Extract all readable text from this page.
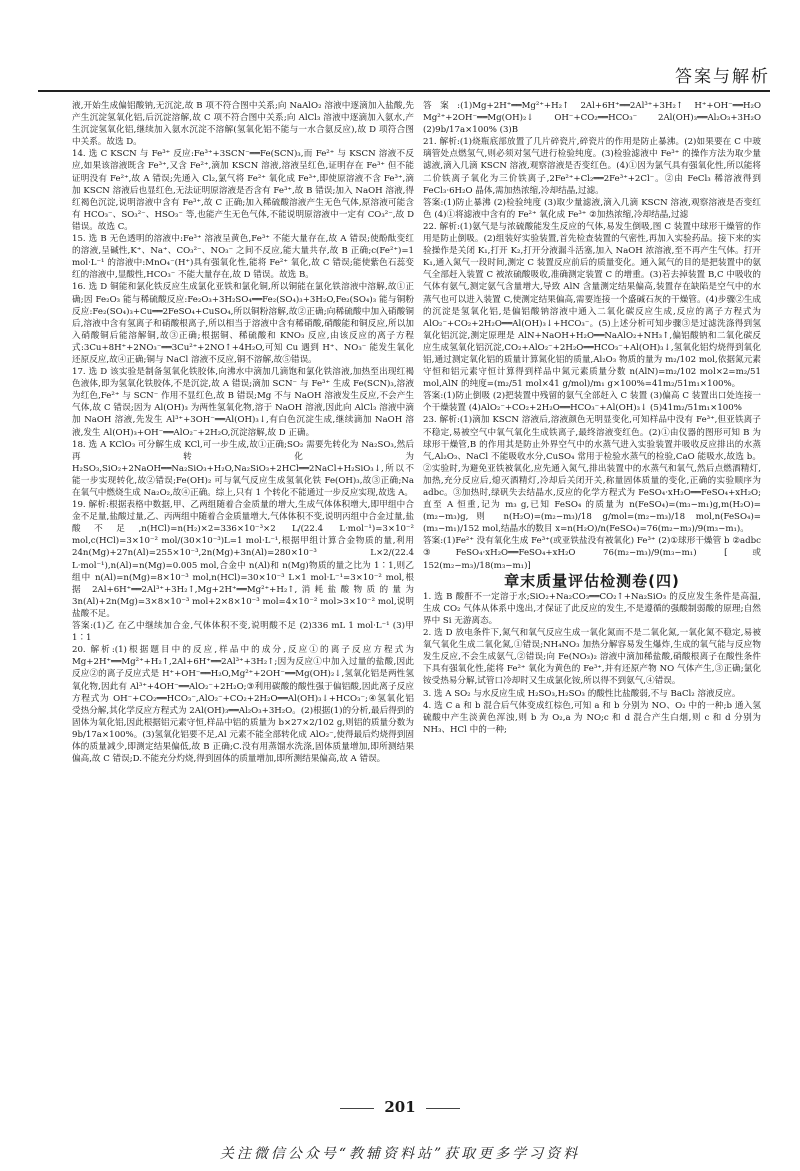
答案与解析

液,开始生成偏铝酸钠,无沉淀,故 B 项不符合图中关系;向 NaAlO₂ 溶液中逐滴加入盐酸,先产生沉淀氢氧化铝,后沉淀溶解,故 C 项不符合图中关系;向 AlCl₃ 溶液中逐滴加入氨水,产生沉淀氢氧化铝,继续加入氨水沉淀不溶解(氢氧化铝不能与一水合氨反应),故 D 项符合图中关系。故选 D。

14. 选 C KSCN 与 Fe³⁺ 反应:Fe³⁺+3SCN⁻══Fe(SCN)₃,而 Fe²⁺ 与 KSCN 溶液不反应,如果该溶液既含 Fe³⁺,又含 Fe²⁺,滴加 KSCN 溶液,溶液呈红色,证明存在 Fe³⁺ 但不能证明没有 Fe²⁺,故 A 错误;先通入 Cl₂,氯气将 Fe²⁺ 氧化成 Fe³⁺,即使原溶液不含 Fe³⁺,滴加 KSCN 溶液后也显红色,无法证明原溶液是否含有 Fe³⁺,故 B 错误;加入 NaOH 溶液,得红褐色沉淀,说明溶液中含有 Fe³⁺,故 C 正确;加入稀硫酸溶液产生无色气体,原溶液可能含有 HCO₃⁻、SO₃²⁻、HSO₃⁻ 等,也能产生无色气体,不能说明原溶液中一定有 CO₃²⁻,故 D 错误。故选 C。

15. 选 B 无色透明的溶液中:Fe³⁺ 溶液呈黄色,Fe³⁺ 不能大量存在,故 A 错误;使酚酞变红的溶液,呈碱性,K⁺、Na⁺、CO₃²⁻、NO₃⁻ 之间不反应,能大量共存,故 B 正确;c(Fe²⁺)=1 mol·L⁻¹ 的溶液中:MnO₄⁻(H⁺)具有强氧化性,能将 Fe²⁺ 氧化,故 C 错误;能使紫色石蕊变红的溶液中,显酸性,HCO₃⁻ 不能大量存在,故 D 错误。故选 B。

16. 选 D 铜能和氯化铁反应生成氯化亚铁和氯化铜,所以铜能在氯化铁溶液中溶解,故①正确;因 Fe₂O₃ 能与稀硫酸反应:Fe₂O₃+3H₂SO₄══Fe₂(SO₄)₃+3H₂O,Fe₂(SO₄)₃ 能与铜粉反应:Fe₂(SO₄)₃+Cu══2FeSO₄+CuSO₄,所以铜粉溶解,故②正确;向稀硫酸中加入硝酸铜后,溶液中含有氢离子和硝酸根离子,所以相当于溶液中含有稀硝酸,硝酸能和铜反应,所以加入硝酸铜后能溶解铜,故③正确;根据铜、稀硫酸和 KNO₃ 反应,由该反应的离子方程式:3Cu+8H⁺+2NO₃⁻══3Cu²⁺+2NO↑+4H₂O,可知 Cu 遇到 H⁺、NO₃⁻ 能发生氧化还原反应,故④正确;铜与 NaCl 溶液不反应,铜不溶解,故⑤错误。

17. 选 D 该实验是制备氢氧化铁胶体,向沸水中滴加几滴饱和氯化铁溶液,加热至出现红褐色液体,即为氢氧化铁胶体,不是沉淀,故 A 错误;滴加 SCN⁻ 与 Fe³⁺ 生成 Fe(SCN)₃,溶液为红色,Fe²⁺ 与 SCN⁻ 作用不显红色,故 B 错误;Mg 不与 NaOH 溶液发生反应,不会产生气体,故 C 错误;因为 Al(OH)₃ 为两性氢氧化物,溶于 NaOH 溶液,因此向 AlCl₃ 溶液中滴加 NaOH 溶液,先发生 Al³⁺+3OH⁻══Al(OH)₃↓,有白色沉淀生成,继续滴加 NaOH 溶液,发生 Al(OH)₃+OH⁻══AlO₂⁻+2H₂O,沉淀溶解,故 D 正确。

18. 选 A KClO₃ 可分解生成 KCl,可一步生成,故①正确;SO₂ 需要先转化为 Na₂SO₃,然后再转化为 H₂SO₃,SiO₂+2NaOH══Na₂SiO₃+H₂O,Na₂SiO₃+2HCl══2NaCl+H₂SiO₃↓,所以不能一步实现转化,故②错误;Fe(OH)₂ 可与氧气反应生成氢氧化铁 Fe(OH)₃,故③正确;Na 在氧气中燃烧生成 Na₂O₂,故④正确。综上,只有 1 个转化不能通过一步反应实现,故选 A。

19. 解析:根据表格中数据,甲、乙两组随着合金质量的增大,生成气体体积增大,即甲组中合金不足量,盐酸过量,乙、丙两组中随着合金质量增大,气体体积不变,说明丙组中合金过量,盐酸不足,n(HCl)=n(H₂)×2=336×10⁻³×2 L/(22.4 L·mol⁻¹)=3×10⁻² mol,c(HCl)=3×10⁻² mol/(30×10⁻³)L=1 mol·L⁻¹,根据甲组计算合金物质的量,利用 24n(Mg)+27n(Al)=255×10⁻³,2n(Mg)+3n(Al)=280×10⁻³ L×2/(22.4 L·mol⁻¹),n(Al)=n(Mg)=0.005 mol,合金中 n(Al)和 n(Mg)物质的量之比为 1∶1,则乙组中 n(Al)=n(Mg)=8×10⁻³ mol,n(HCl)=30×10⁻³ L×1 mol·L⁻¹=3×10⁻² mol,根据 2Al+6H⁺══2Al³⁺+3H₂↑,Mg+2H⁺══Mg²⁺+H₂↑,消耗盐酸物质的量为 3n(Al)+2n(Mg)=3×8×10⁻³ mol+2×8×10⁻³ mol=4×10⁻² mol>3×10⁻² mol,说明盐酸不足。

答案:(1)乙 在乙中继续加合金,气体体积不变,说明酸不足 (2)336 mL 1 mol·L⁻¹ (3)甲 1∶1

20. 解析:(1)根据题目中的反应,样品中的成分,反应①的离子反应方程式为 Mg+2H⁺══Mg²⁺+H₂↑,2Al+6H⁺══2Al³⁺+3H₂↑;因为反应①中加入过量的盐酸,因此反应②的离子反应式是 H⁺+OH⁻══H₂O,Mg²⁺+2OH⁻══Mg(OH)₂↓,氢氧化铝是两性氢氧化物,因此有 Al³⁺+4OH⁻══AlO₂⁻+2H₂O;③利用碳酸的酸性强于偏铝酸,因此离子反应方程式为 OH⁻+CO₂══HCO₃⁻,AlO₂⁻+CO₂+2H₂O══Al(OH)₃↓+HCO₃⁻;④氢氧化铝受热分解,其化学反应方程式为 2Al(OH)₃══Al₂O₃+3H₂O。(2)根据(1)的分析,最后得到的固体为氧化铝,因此根据铝元素守恒,样品中铝的质量为 b×27×2/102 g,则铝的质量分数为 9b/17a×100%。(3)氢氧化铝要不足,Al 元素不能全部转化成 AlO₂⁻,使得最后灼烧得到固体的质量减少,即测定结果偏低,故 B 正确;C.没有用蒸馏水洗涤,固体质量增加,即所测结果偏高,故 C 错误;D.不能充分灼烧,得到固体的质量增加,即所测结果偏高,故 A 错误。

答案:(1)Mg+2H⁺══Mg²⁺+H₂↑ 2Al+6H⁺══2Al³⁺+3H₂↑ H⁺+OH⁻══H₂O Mg²⁺+2OH⁻══Mg(OH)₂↓ OH⁻+CO₂══HCO₃⁻ 2Al(OH)₃══Al₂O₃+3H₂O (2)9b/17a×100% (3)B

21. 解析:(1)烧瓶底部放置了几片碎瓷片,碎瓷片的作用是防止暴沸。(2)如果要在 C 中玻璃管处点燃氢气,则必须对氢气进行检验纯度。(3)检验滤液中 Fe³⁺ 的操作方法为取少量滤液,滴入几滴 KSCN 溶液,观察溶液是否变红色。(4)①因为氯气具有强氧化性,所以能将二价铁离子氧化为三价铁离子,2Fe²⁺+Cl₂══2Fe³⁺+2Cl⁻。②由 FeCl₃ 稀溶液得到 FeCl₃·6H₂O 晶体,需加热浓缩,冷却结晶,过滤。

答案:(1)防止暴沸 (2)检验纯度 (3)取少量滤液,滴入几滴 KSCN 溶液,观察溶液是否变红色 (4)①将滤液中含有的 Fe²⁺ 氧化成 Fe³⁺ ②加热浓缩,冷却结晶,过滤

22. 解析:(1)氨气是与浓硫酸能发生反应的气体,易发生倒吸,图 C 装置中球形干燥管的作用是防止倒吸。(2)组装好实验装置,首先检查装置的气密性,再加入实验药品。接下来的实验操作是关闭 K₁,打开 K₂,打开分液漏斗活塞,加入 NaOH 浓溶液,至不再产生气体。打开 K₁,通入氮气一段时间,测定 C 装置反应前后的质量变化。通入氮气的目的是把装置中的氨气全部赶入装置 C 被浓硫酸吸收,准确测定装置 C 的增重。(3)若去掉装置 B,C 中吸收的气体有氨气,测定氨气含量增大,导致 AlN 含量测定结果偏高,装置存在缺陷是空气中的水蒸气也可以进入装置 C,使测定结果偏高,需要连接一个盛碱石灰的干燥管。(4)步骤②生成的沉淀是氢氧化铝,是偏铝酸钠溶液中通入二氧化碳反应生成,反应的离子方程式为 AlO₂⁻+CO₂+2H₂O══Al(OH)₃↓+HCO₃⁻。(5)上述分析可知步骤③是过滤洗涤得到氢氧化铝沉淀,测定原理是 AlN+NaOH+H₂O══NaAlO₂+NH₃↑,偏铝酸钠和二氧化碳反应生成氢氧化铝沉淀,CO₂+AlO₂⁻+2H₂O══HCO₃⁻+Al(OH)₃↓,氢氧化铝灼烧得到氧化铝,通过测定氧化铝的质量计算氮化铝的质量,Al₂O₃ 物质的量为 m₂/102 mol,依据氮元素守恒和铝元素守恒计算得到样品中氮元素质量分数 n(AlN)=m₂/102 mol×2=m₂/51 mol,AlN 的纯度=(m₂/51 mol×41 g/mol)/m₁ g×100%=41m₂/51m₁×100%。

答案:(1)防止倒吸 (2)把装置中残留的氨气全部赶入 C 装置 (3)偏高 C 装置出口处连接一个干燥装置 (4)AlO₂⁻+CO₂+2H₂O══HCO₃⁻+Al(OH)₃↓ (5)41m₂/51m₁×100%

23. 解析:(1)滴加 KSCN 溶液后,溶液颜色无明显变化,可知样品中没有 Fe³⁺,但亚铁离子不稳定,易被空气中氧气氧化生成铁离子,最终溶液变红色。(2)①由仪器的图形可知 B 为球形干燥管,B 的作用其是防止外界空气中的水蒸气进入实验装置并吸收反应排出的水蒸气,Al₂O₃、NaCl 不能吸收水分,CuSO₄ 常用于检验水蒸气的检验,CaO 能吸水,故选 b。②实验时,为避免亚铁被氧化,应先通入氮气,排出装置中的水蒸气和氧气,然后点燃酒精灯,加热,充分反应后,熄灭酒精灯,冷却后关闭开关,称量固体质量的变化,正确的实验顺序为 adbc。③加热时,绿矾失去结晶水,反应的化学方程式为 FeSO₄·xH₂O══FeSO₄+xH₂O;直至 A 恒重,记为 m₃ g,已知 FeSO₄ 的质量为 n(FeSO₄)=(m₃−m₁)g,m(H₂O)=(m₂−m₃)g,则 n(H₂O)=(m₂−m₃)/18 g/mol=(m₂−m₃)/18 mol,n(FeSO₄)=(m₃−m₁)/152 mol,结晶水的数目 x=n(H₂O)/n(FeSO₄)=76(m₂−m₃)/9(m₃−m₁)。

答案:(1)Fe²⁺ 没有氧化生成 Fe³⁺(或亚铁盐没有被氧化) Fe³⁺ (2)①球形干燥管 b ②adbc ③FeSO₄·xH₂O══FeSO₄+xH₂O 76(m₂−m₃)/9(m₃−m₁) [或152(m₂−m₃)/18(m₃−m₁)]

章末质量评估检测卷(四)

1. 选 B 酸酐不一定溶于水;SiO₂+Na₂CO₃══CO₂↑+Na₂SiO₃ 的反应发生条件是高温,生成 CO₂ 气体从体系中逸出,才保证了此反应的发生,不是遵循的强酸制弱酸的原理;自然界中 Si 无游离态。

2. 选 D 放电条件下,氮气和氧气反应生成一氧化氮而不是二氧化氮,一氧化氮不稳定,易被氧气氧化生成二氧化氮,①错误;NH₄NO₃ 加热分解容易发生爆炸,生成的氧气能与反应物发生反应,不会生成氨气,②错误;向 Fe(NO₃)₂ 溶液中滴加稀盐酸,硝酸根离子在酸性条件下具有强氧化性,能将 Fe²⁺ 氧化为黄色的 Fe³⁺,并有还原产物 NO 气体产生,③正确;氯化铵受热易分解,试管口冷却时又生成氯化铵,所以得不到氨气,④错误。

3. 选 A SO₂ 与水反应生成 H₂SO₃,H₂SO₃ 的酸性比盐酸弱,不与 BaCl₂ 溶液反应。

4. 选 C a 和 b 混合后气体变成红棕色,可知 a 和 b 分别为 NO、O₂ 中的一种;b 通入氢硫酸中产生淡黄色浑浊,则 b 为 O₂,a 为 NO;c 和 d 混合产生白烟,则 c 和 d 分别为 NH₃、HCl 中的一种;

201
关注微信公众号“教辅资料站”获取更多学习资料
